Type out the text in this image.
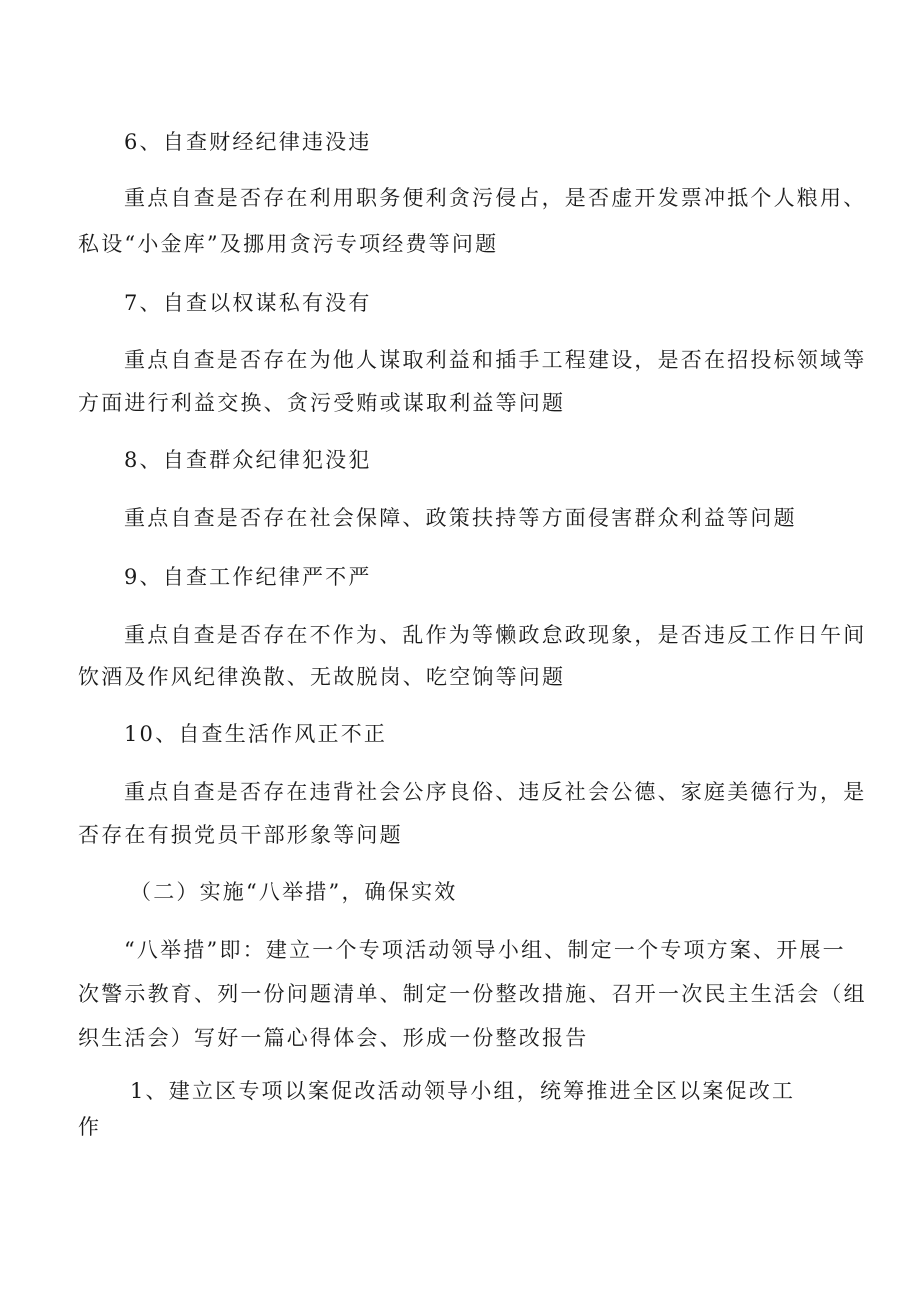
6、自查财经纪律违没违
重点自查是否存在利用职务便利贪污侵占，是否虚开发票冲抵个人粮用、
私设“小金库”及挪用贪污专项经费等问题
7、自查以权谋私有没有
重点自查是否存在为他人谋取利益和插手工程建设，是否在招投标领域等
方面进行利益交换、贪污受贿或谋取利益等问题
8、自查群众纪律犯没犯
重点自查是否存在社会保障、政策扶持等方面侵害群众利益等问题
9、自查工作纪律严不严
重点自查是否存在不作为、乱作为等懒政怠政现象，是否违反工作日午间
饮酒及作风纪律涣散、无故脱岗、吃空饷等问题
10、自查生活作风正不正
重点自查是否存在违背社会公序良俗、违反社会公德、家庭美德行为，是
否存在有损党员干部形象等问题
（二）实施“八举措”，确保实效
“八举措”即：建立一个专项活动领导小组、制定一个专项方案、开展一
次警示教育、列一份问题清单、制定一份整改措施、召开一次民主生活会（组
织生活会）写好一篇心得体会、形成一份整改报告
1、建立区专项以案促改活动领导小组，统筹推进全区以案促改工
作
